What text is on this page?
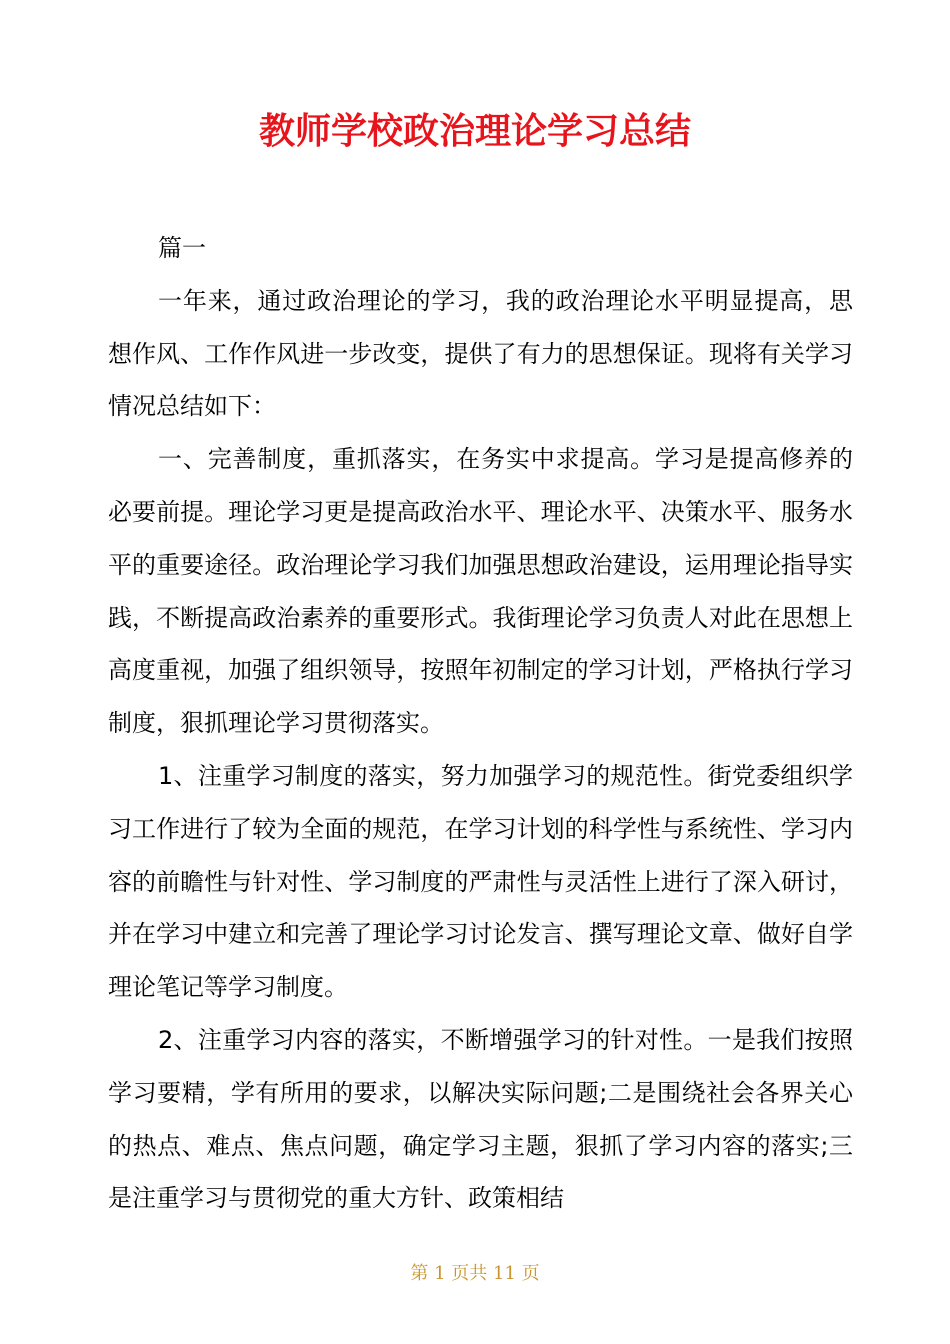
教师学校政治理论学习总结

篇一

一年来，通过政治理论的学习，我的政治理论水平明显提高，思想作风、工作作风进一步改变，提供了有力的思想保证。现将有关学习情况总结如下：

一、完善制度，重抓落实，在务实中求提高。学习是提高修养的必要前提。理论学习更是提高政治水平、理论水平、决策水平、服务水平的重要途径。政治理论学习我们加强思想政治建设，运用理论指导实践，不断提高政治素养的重要形式。我街理论学习负责人对此在思想上高度重视，加强了组织领导，按照年初制定的学习计划，严格执行学习制度，狠抓理论学习贯彻落实。

1、注重学习制度的落实，努力加强学习的规范性。街党委组织学习工作进行了较为全面的规范，在学习计划的科学性与系统性、学习内容的前瞻性与针对性、学习制度的严肃性与灵活性上进行了深入研讨，并在学习中建立和完善了理论学习讨论发言、撰写理论文章、做好自学理论笔记等学习制度。

2、注重学习内容的落实，不断增强学习的针对性。一是我们按照学习要精，学有所用的要求，以解决实际问题;二是围绕社会各界关心的热点、难点、焦点问题，确定学习主题，狠抓了学习内容的落实;三是注重学习与贯彻党的重大方针、政策相结

第 1 页共 11 页
